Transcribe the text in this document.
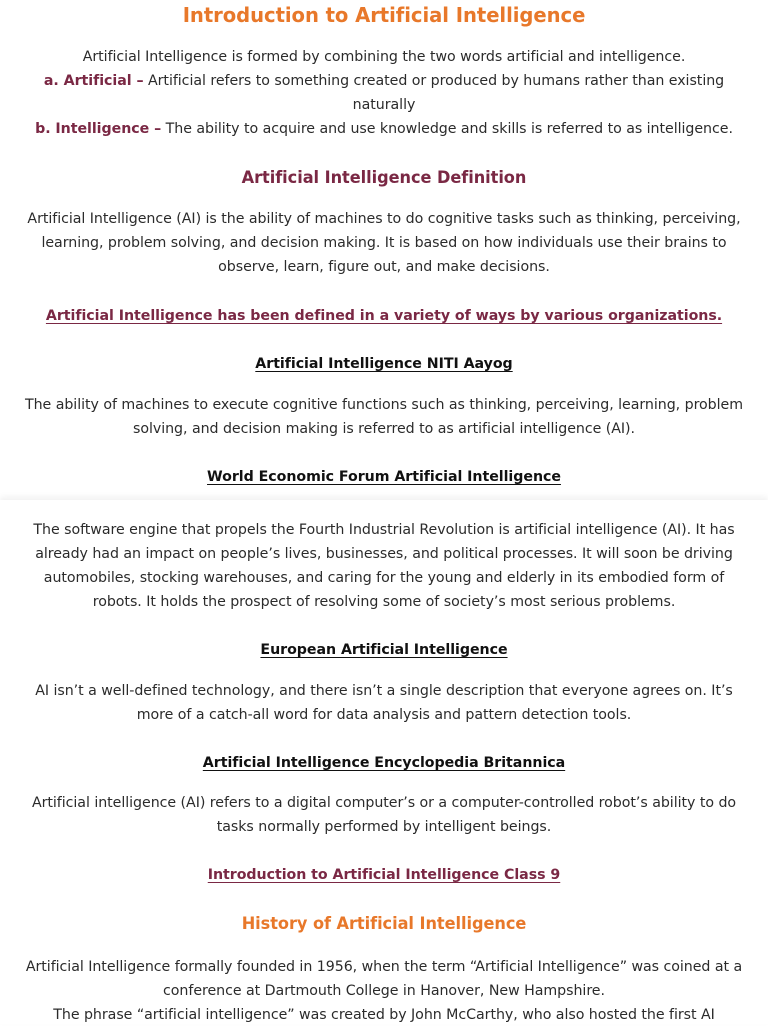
Introduction to Artificial Intelligence
Artificial Intelligence is formed by combining the two words artificial and intelligence.
a. Artificial – Artificial refers to something created or produced by humans rather than existing
naturally
b. Intelligence – The ability to acquire and use knowledge and skills is referred to as intelligence.
Artificial Intelligence Definition
Artificial Intelligence (AI) is the ability of machines to do cognitive tasks such as thinking, perceiving,
learning, problem solving, and decision making. It is based on how individuals use their brains to
observe, learn, figure out, and make decisions.
Artificial Intelligence has been defined in a variety of ways by various organizations.
Artificial Intelligence NITI Aayog
The ability of machines to execute cognitive functions such as thinking, perceiving, learning, problem
solving, and decision making is referred to as artificial intelligence (AI).
World Economic Forum Artificial Intelligence
The software engine that propels the Fourth Industrial Revolution is artificial intelligence (AI). It has
already had an impact on people’s lives, businesses, and political processes. It will soon be driving
automobiles, stocking warehouses, and caring for the young and elderly in its embodied form of
robots. It holds the prospect of resolving some of society’s most serious problems.
European Artificial Intelligence
AI isn’t a well-defined technology, and there isn’t a single description that everyone agrees on. It’s
more of a catch-all word for data analysis and pattern detection tools.
Artificial Intelligence Encyclopedia Britannica
Artificial intelligence (AI) refers to a digital computer’s or a computer-controlled robot’s ability to do
tasks normally performed by intelligent beings.
Introduction to Artificial Intelligence Class 9
History of Artificial Intelligence
Artificial Intelligence formally founded in 1956, when the term “Artificial Intelligence” was coined at a
conference at Dartmouth College in Hanover, New Hampshire.
The phrase “artificial intelligence” was created by John McCarthy, who also hosted the first AI
